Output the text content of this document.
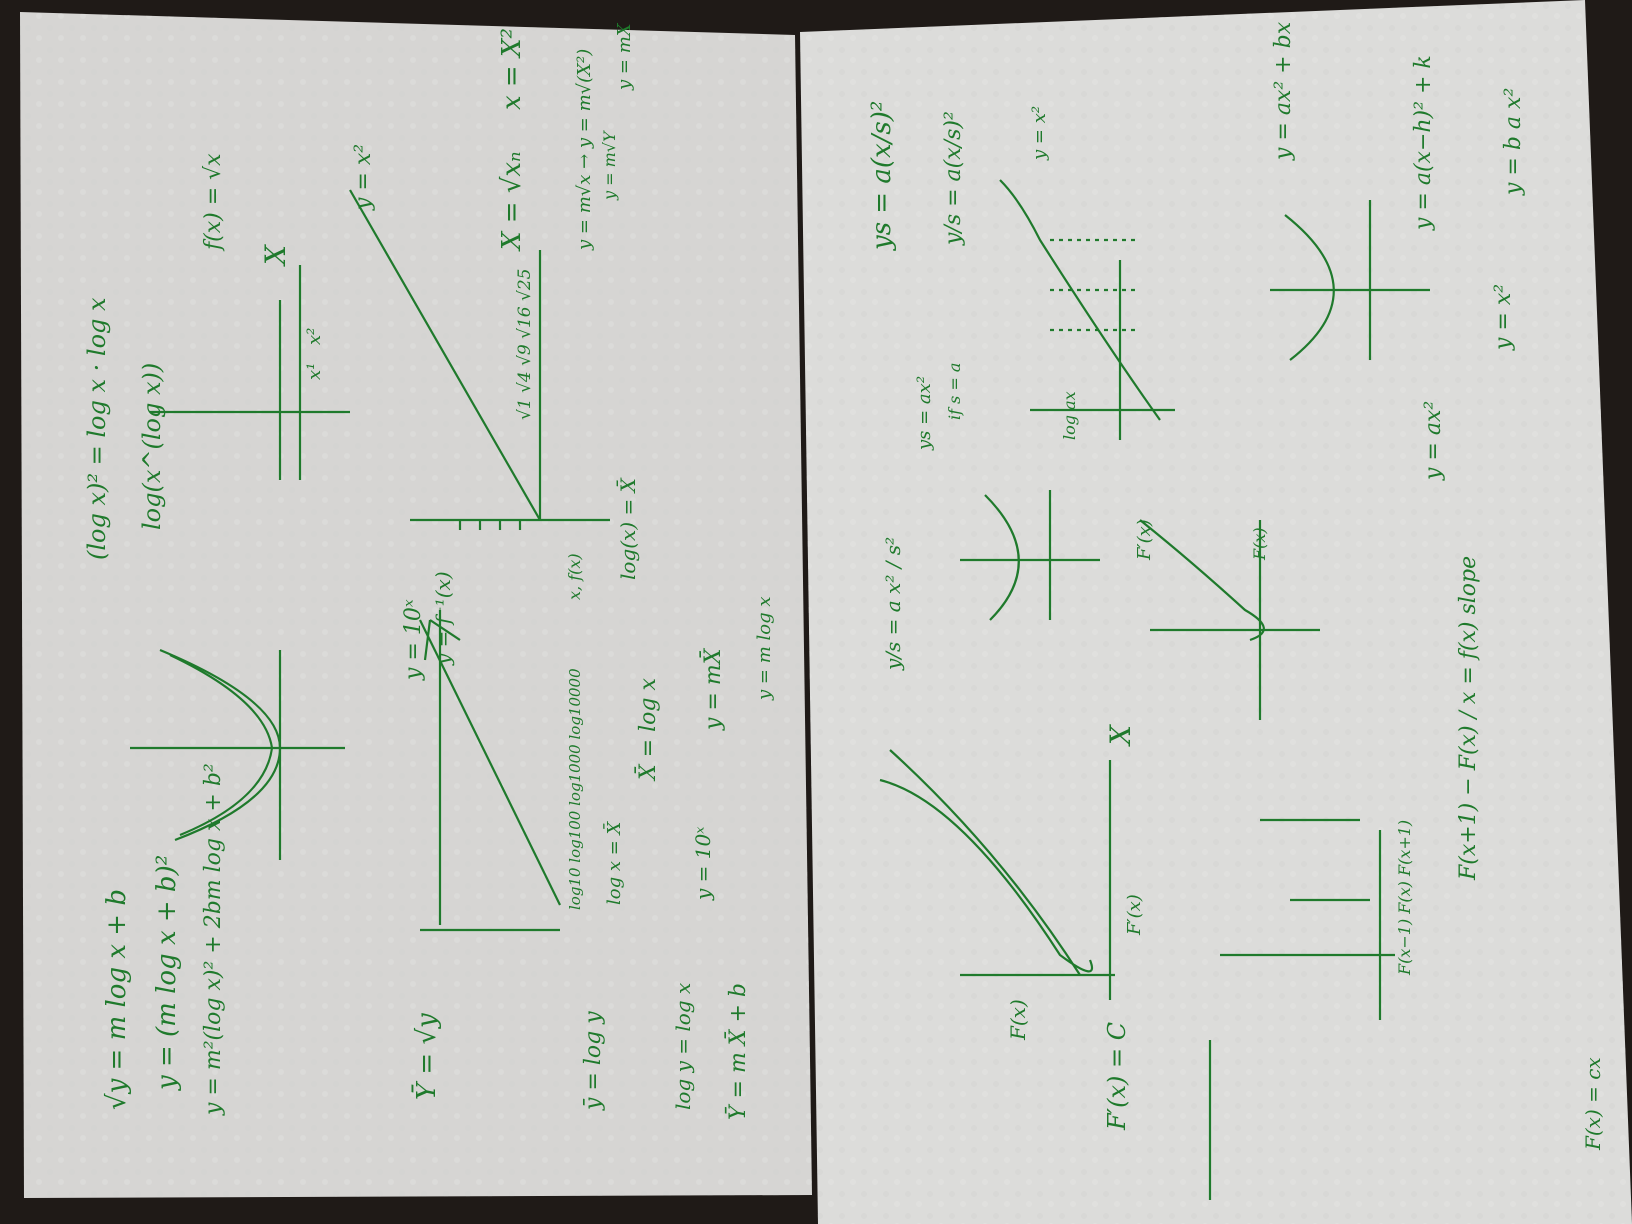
√y = m log x + b y = (m log x + b)² y = m²(log x)² + 2bm log x + b²
(log x)² = log x · log x log(x^(log x))
f(x) = √x
X
x¹
x²
y = x²
Ȳ = √y
y = 10ˣ y = f⁻¹(x)
log10 log100 log1000 log10000
x, f(x) log(x) = X̄
√1 √4 √9 √16 √25
X = √xₙ
x = X²	y = m√x → y = m√(X²) y = m√Y
y = mX
ȳ = log y
log x = X̄
X̄ = log x y = mX̄
log y = log x
y = 10ˣ
y = m log x
Ȳ = m X̄ + b
ys = a(x/s)² y/s = a(x/s)²
y/s = a x² / s²
ys = ax² if s = a
y = x²
log ax
F′(x)	F(x)
X
F(x)
F′(x)
F′(x) = C
F(x−1) F(x) F(x+1)
F(x+1) − F(x) / x = f(x) slope
F(x) = cx
y = ax² + bx	y = a(x−h)² + k
y = ax²
y = x²
y = b a x²
